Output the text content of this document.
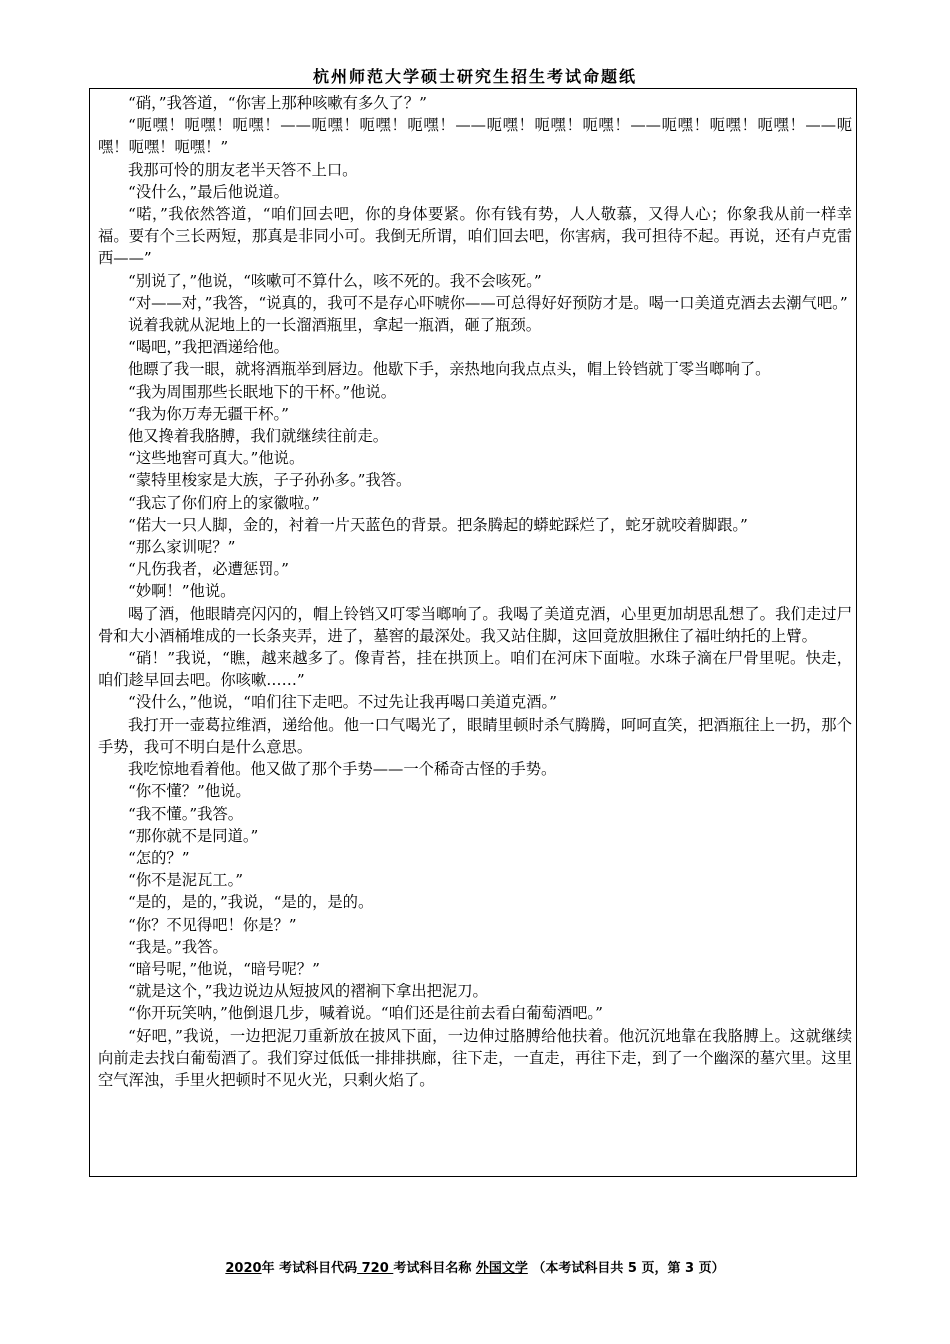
杭州师范大学硕士研究生招生考试命题纸

“硝，”我答道，“你害上那种咳嗽有多久了？”

“呃嘿！呃嘿！呃嘿！——呃嘿！呃嘿！呃嘿！——呃嘿！呃嘿！呃嘿！——呃嘿！呃嘿！呃嘿！——呃嘿！呃嘿！呃嘿！”

我那可怜的朋友老半天答不上口。

“没什么，”最后他说道。

“喏，”我依然答道，“咱们回去吧，你的身体要紧。你有钱有势，人人敬慕，又得人心；你象我从前一样幸福。要有个三长两短，那真是非同小可。我倒无所谓，咱们回去吧，你害病，我可担待不起。再说，还有卢克雷西——”

“别说了，”他说，“咳嗽可不算什么，咳不死的。我不会咳死。”

“对——对，”我答，“说真的，我可不是存心吓唬你——可总得好好预防才是。喝一口美道克酒去去潮气吧。”

说着我就从泥地上的一长溜酒瓶里，拿起一瓶酒，砸了瓶颈。

“喝吧，”我把酒递给他。

他瞟了我一眼，就将酒瓶举到唇边。他歇下手，亲热地向我点点头，帽上铃铛就丁零当啷响了。

“我为周围那些长眠地下的干杯。”他说。

“我为你万寿无疆干杯。”

他又搀着我胳膊，我们就继续往前走。

“这些地窖可真大。”他说。

“蒙特里梭家是大族，子子孙孙多。”我答。

“我忘了你们府上的家徽啦。”

“偌大一只人脚，金的，衬着一片天蓝色的背景。把条腾起的蟒蛇踩烂了，蛇牙就咬着脚跟。”

“那么家训呢？”

“凡伤我者，必遭惩罚。”

“妙啊！”他说。

喝了酒，他眼睛亮闪闪的，帽上铃铛又叮零当啷响了。我喝了美道克酒，心里更加胡思乱想了。我们走过尸骨和大小酒桶堆成的一长条夹弄，进了，墓窖的最深处。我又站住脚，这回竟放胆揪住了福吐纳托的上臂。

“硝！”我说，“瞧，越来越多了。像青苔，挂在拱顶上。咱们在河床下面啦。水珠子滴在尸骨里呢。快走，咱们趁早回去吧。你咳嗽……”

“没什么，”他说，“咱们往下走吧。不过先让我再喝口美道克酒。”

我打开一壶葛拉维酒，递给他。他一口气喝光了，眼睛里顿时杀气腾腾，呵呵直笑，把酒瓶往上一扔，那个手势，我可不明白是什么意思。

我吃惊地看着他。他又做了那个手势——一个稀奇古怪的手势。

“你不懂？”他说。

“我不懂。”我答。

“那你就不是同道。”

“怎的？”

“你不是泥瓦工。”

“是的，是的，”我说，“是的，是的。

“你？不见得吧！你是？”

“我是。”我答。

“暗号呢，”他说，“暗号呢？”

“就是这个，”我边说边从短披风的褶裥下拿出把泥刀。

“你开玩笑呐，”他倒退几步，喊着说。“咱们还是往前去看白葡萄酒吧。”

“好吧，”我说，一边把泥刀重新放在披风下面，一边伸过胳膊给他扶着。他沉沉地靠在我胳膊上。这就继续向前走去找白葡萄酒了。我们穿过低低一排排拱廊，往下走，一直走，再往下走，到了一个幽深的墓穴里。这里空气浑浊，手里火把顿时不见火光，只剩火焰了。

2020年 考试科目代码 720 考试科目名称 外国文学 （本考试科目共 5 页，第 3 页）
